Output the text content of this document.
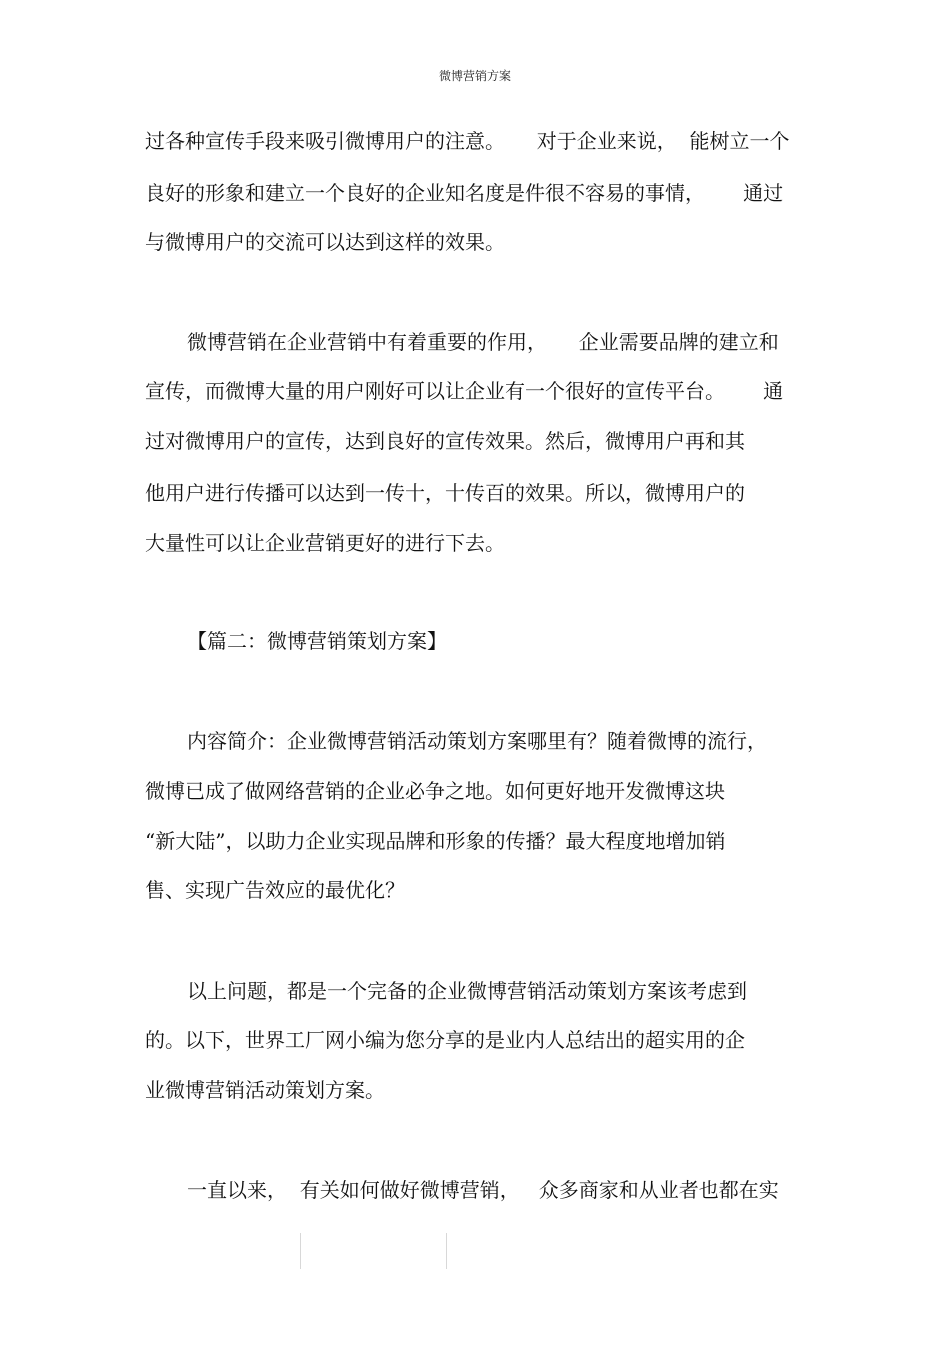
微博营销方案
过各种宣传手段来吸引微博用户的注意。     对于企业来说，  能树立一个
良好的形象和建立一个良好的企业知名度是件很不容易的事情，      通过
与微博用户的交流可以达到这样的效果。
微博营销在企业营销中有着重要的作用，     企业需要品牌的建立和
宣传，而微博大量的用户刚好可以让企业有一个很好的宣传平台。      通
过对微博用户的宣传，达到良好的宣传效果。然后，微博用户再和其
他用户进行传播可以达到一传十，十传百的效果。所以，微博用户的
大量性可以让企业营销更好的进行下去。
【篇二：微博营销策划方案】
内容简介：企业微博营销活动策划方案哪里有？随着微博的流行，
微博已成了做网络营销的企业必争之地。如何更好地开发微博这块
“新大陆”，以助力企业实现品牌和形象的传播？最大程度地增加销
售、实现广告效应的最优化？
以上问题，都是一个完备的企业微博营销活动策划方案该考虑到
的。以下，世界工厂网小编为您分享的是业内人总结出的超实用的企
业微博营销活动策划方案。
一直以来，  有关如何做好微博营销，   众多商家和从业者也都在实
